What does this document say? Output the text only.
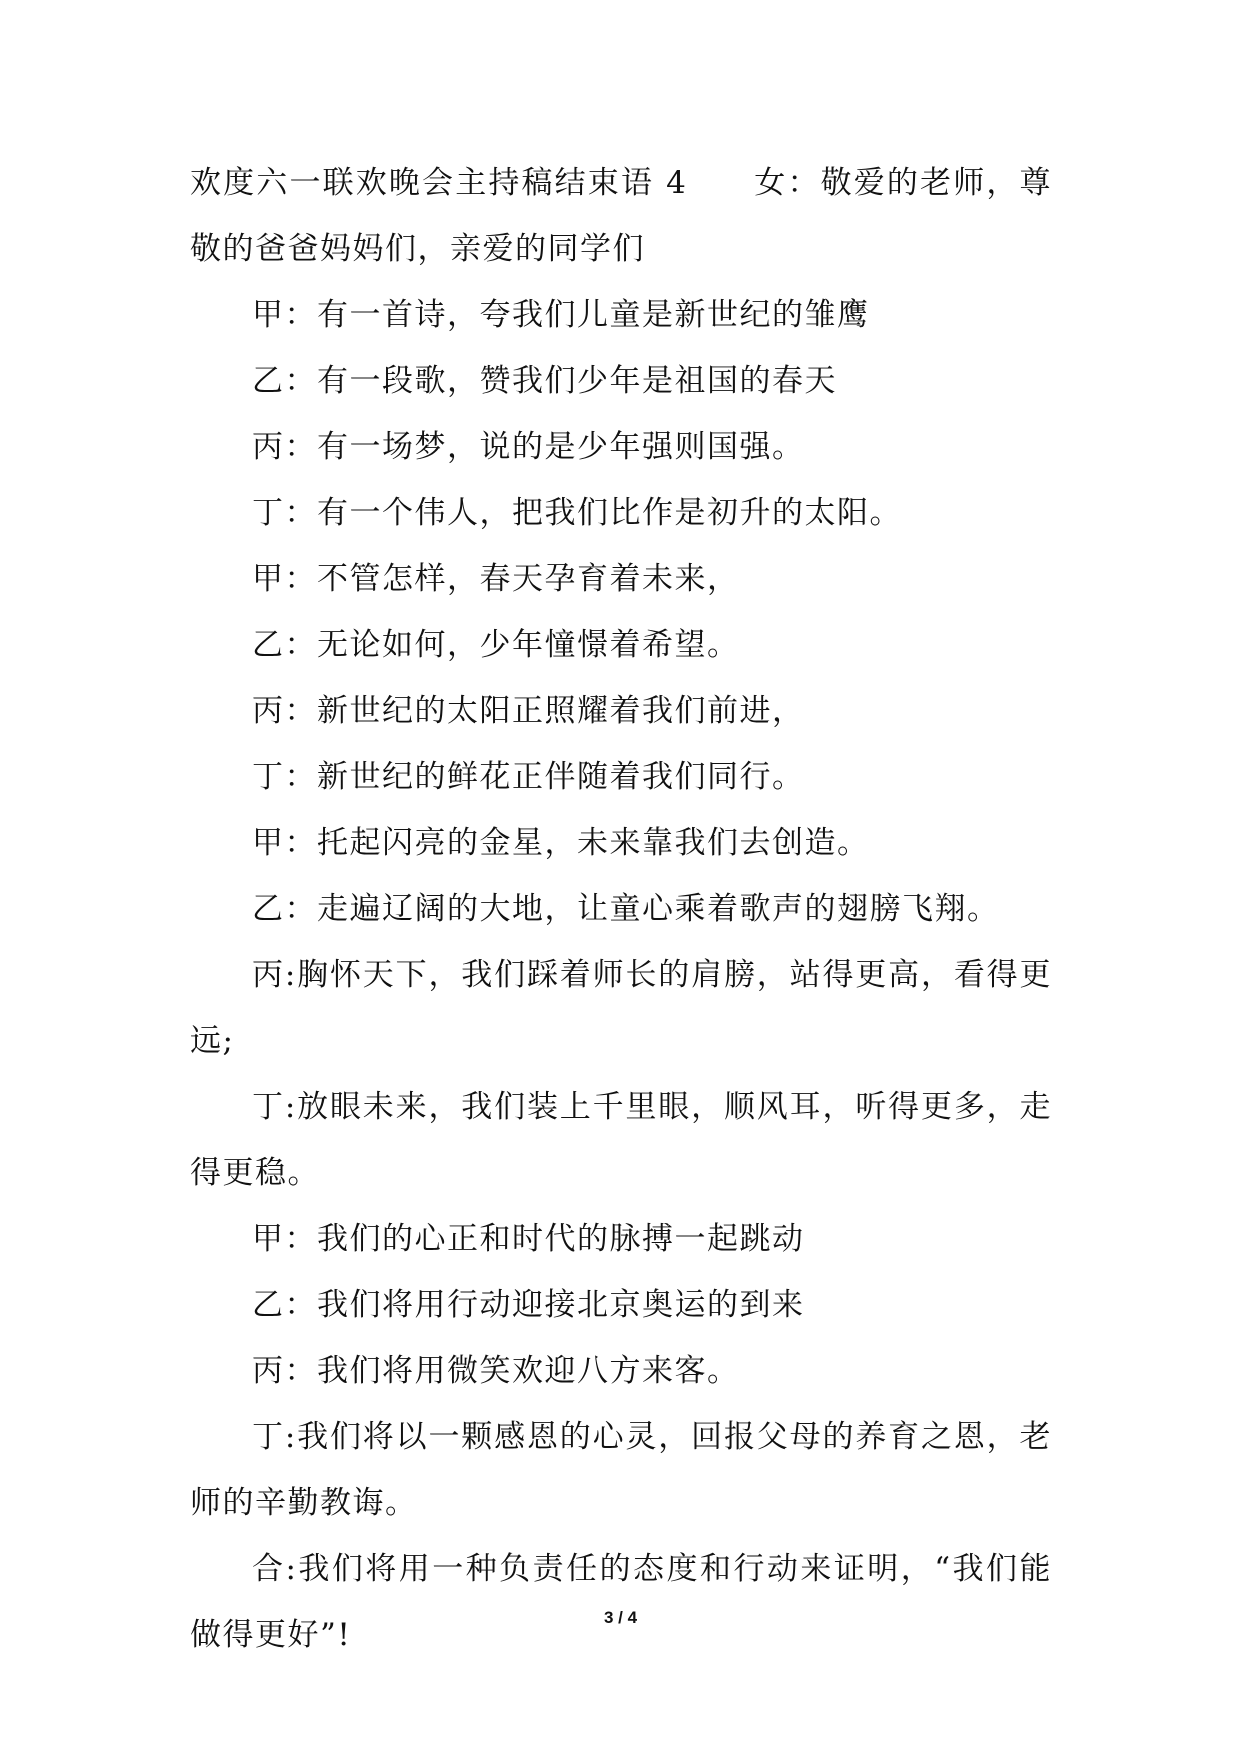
欢度六一联欢晚会主持稿结束语 4　　女：敬爱的老师，尊敬的爸爸妈妈们，亲爱的同学们

甲：有一首诗，夸我们儿童是新世纪的雏鹰

乙：有一段歌，赞我们少年是祖国的春天

丙：有一场梦，说的是少年强则国强。

丁：有一个伟人，把我们比作是初升的太阳。

甲：不管怎样，春天孕育着未来，

乙：无论如何，少年憧憬着希望。

丙：新世纪的太阳正照耀着我们前进，

丁：新世纪的鲜花正伴随着我们同行。

甲：托起闪亮的金星，未来靠我们去创造。

乙：走遍辽阔的大地，让童心乘着歌声的翅膀飞翔。

丙:胸怀天下，我们踩着师长的肩膀，站得更高，看得更远;

丁:放眼未来，我们装上千里眼，顺风耳，听得更多，走得更稳。

甲：我们的心正和时代的脉搏一起跳动

乙：我们将用行动迎接北京奥运的到来

丙：我们将用微笑欢迎八方来客。

丁:我们将以一颗感恩的心灵，回报父母的养育之恩，老师的辛勤教诲。

合:我们将用一种负责任的态度和行动来证明，“我们能做得更好”!	3 / 4
